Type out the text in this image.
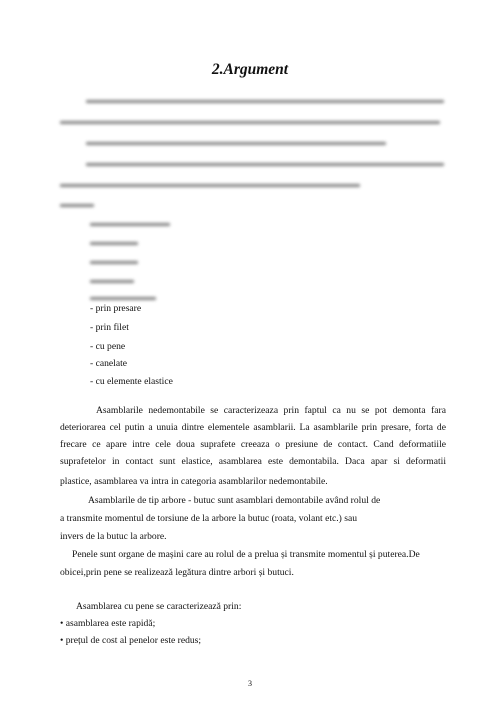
2.Argument
- prin presare
- prin filet
- cu pene
- canelate
- cu elemente elastice
Asamblarile nedemontabile se caracterizeaza prin faptul ca nu se pot demonta fara
deteriorarea cel putin a unuia dintre elementele asamblarii. La asamblarile prin presare, forta de
frecare ce apare intre cele doua suprafete creeaza o presiune de contact. Cand deformatiile
suprafetelor in contact sunt elastice, asamblarea este demontabila. Daca apar si deformatii
plastice, asamblarea va intra in categoria asamblarilor nedemontabile.
Asamblarile de tip arbore - butuc sunt asamblari demontabile având rolul de
a transmite momentul de torsiune de la arbore la butuc (roata, volant etc.) sau
invers de la butuc la arbore.
Penele sunt organe de mașini care au rolul de a prelua și transmite momentul și puterea.De
obicei,prin pene se realizează legătura dintre arbori și butuci.
Asamblarea cu pene se caracterizează prin:
• asamblarea este rapidă;
• prețul de cost al penelor este redus;
3
